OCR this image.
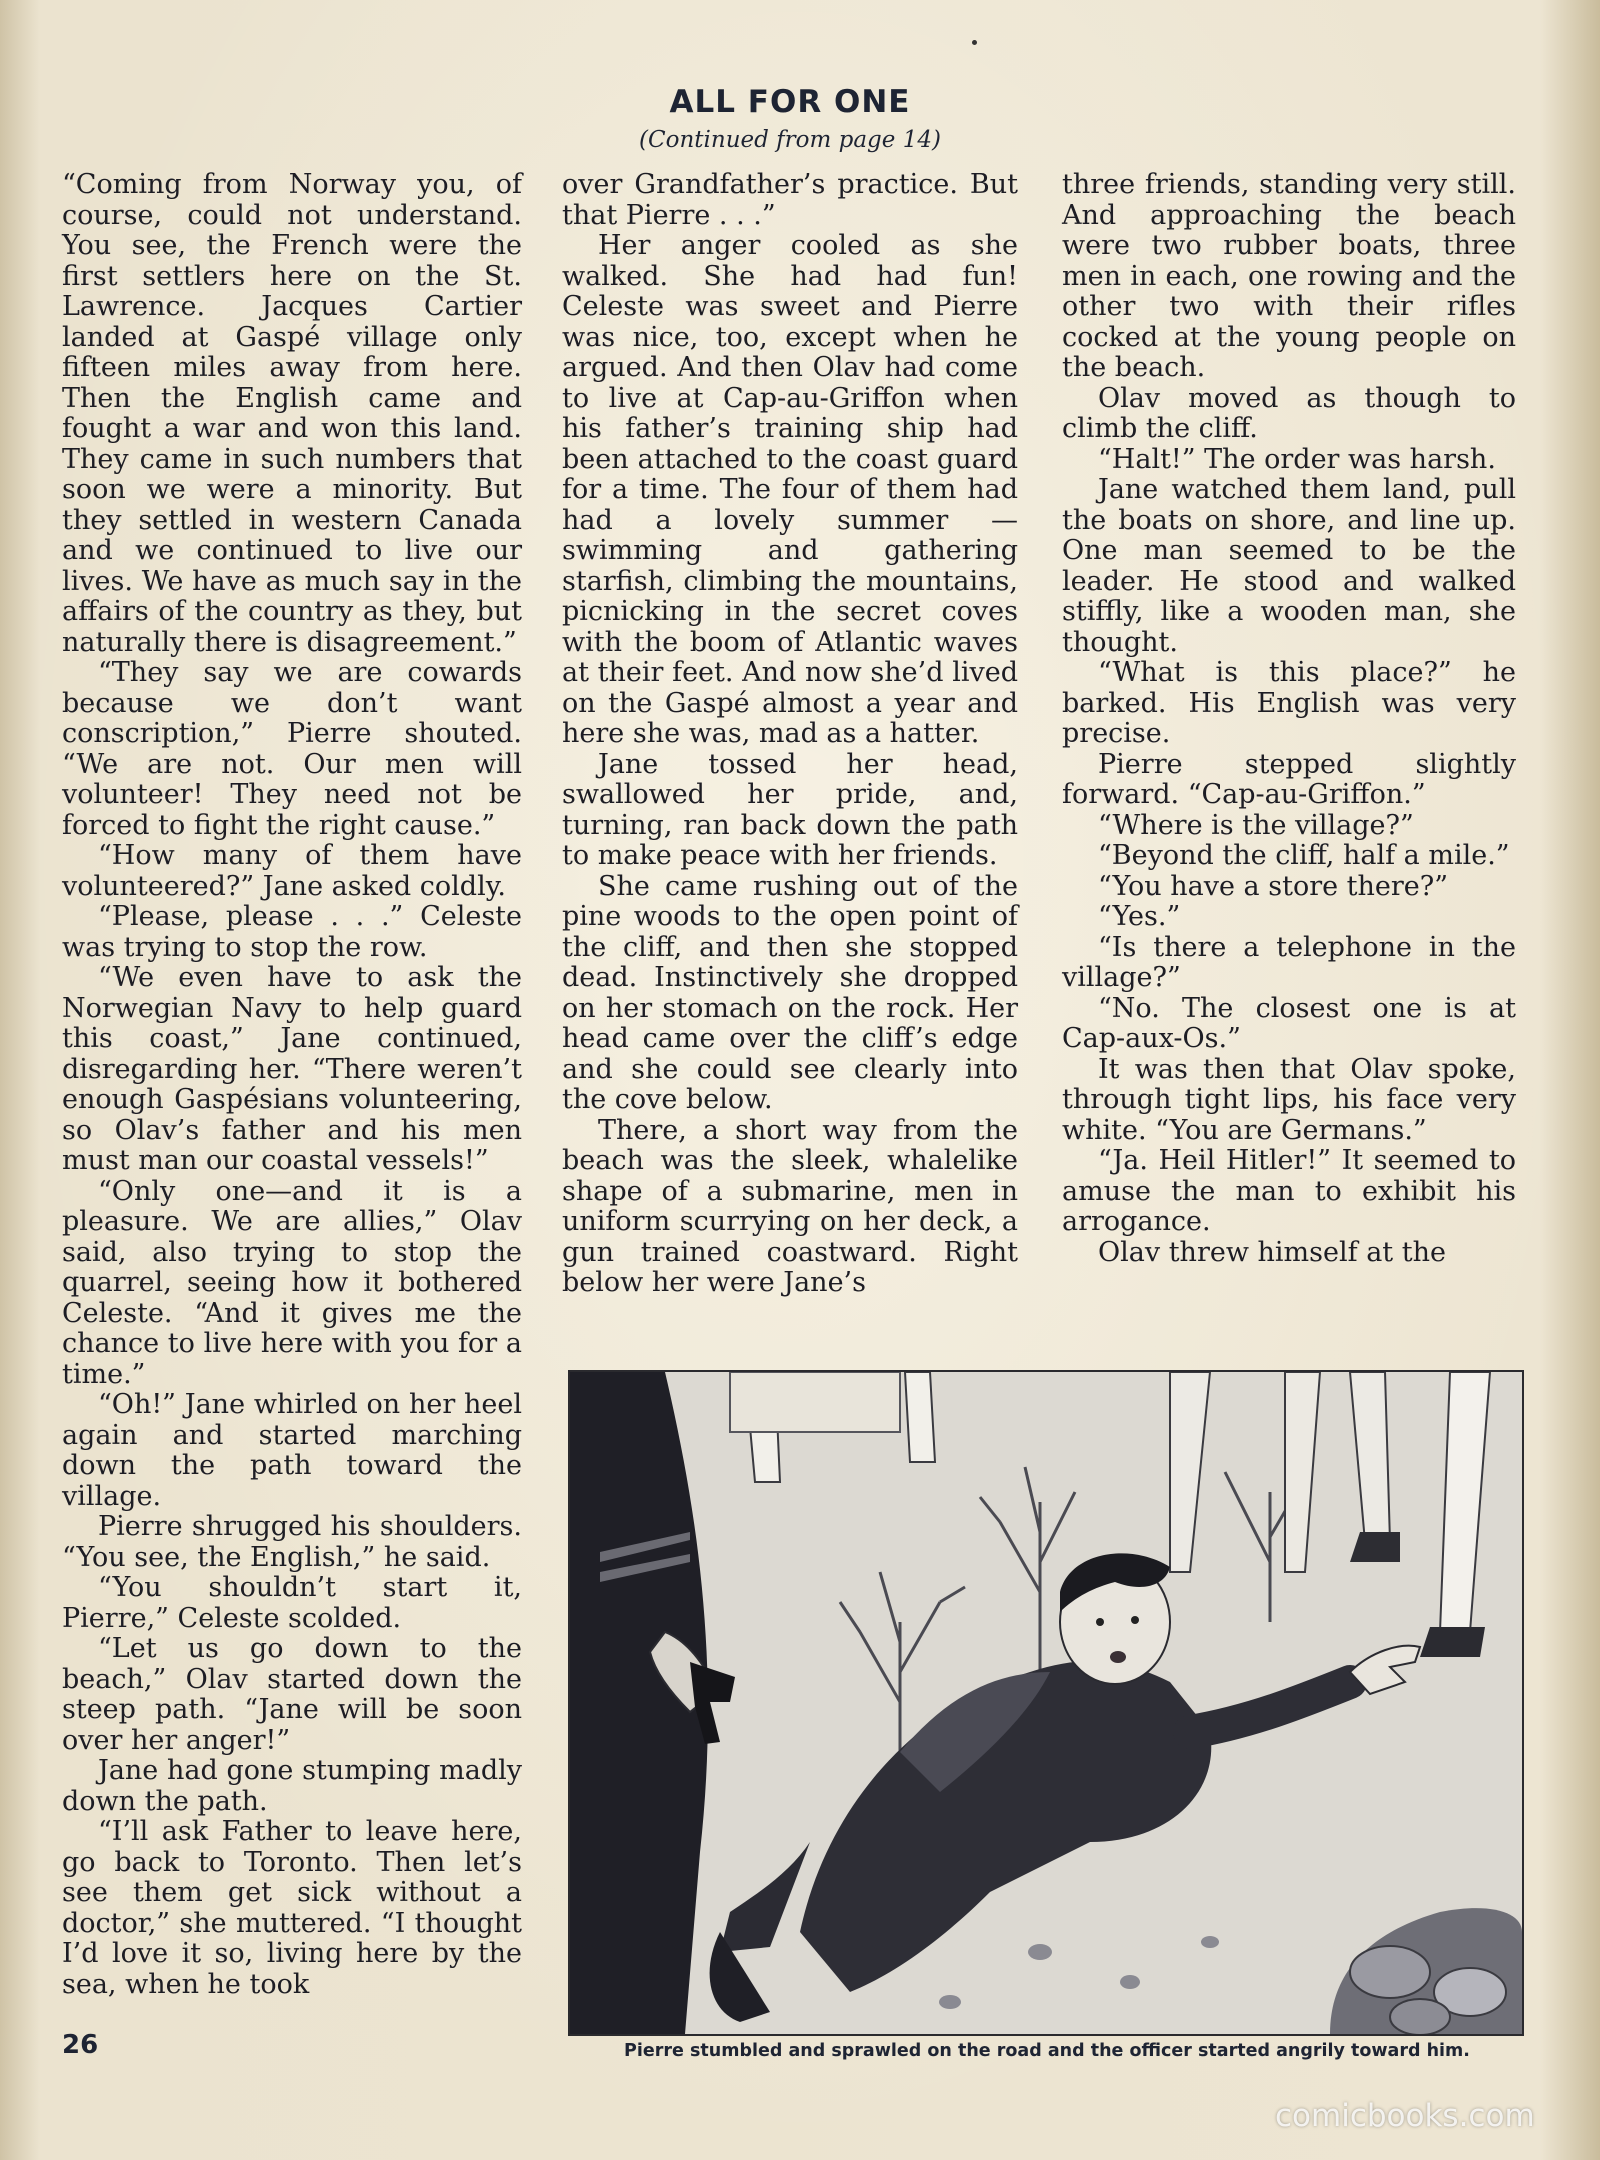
ALL FOR ONE
(Continued from page 14)

“Coming from Norway you, of course, could not understand. You see, the French were the first settlers here on the St. Lawrence. Jacques Cartier landed at Gaspé village only fifteen miles away from here. Then the English came and fought a war and won this land. They came in such numbers that soon we were a minority. But they settled in western Canada and we continued to live our lives. We have as much say in the affairs of the country as they, but naturally there is disagreement.”

“They say we are cowards because we don’t want conscription,” Pierre shouted. “We are not. Our men will volunteer! They need not be forced to fight the right cause.”

“How many of them have volunteered?” Jane asked coldly.

“Please, please . . .” Celeste was trying to stop the row.

“We even have to ask the Norwegian Navy to help guard this coast,” Jane continued, disregarding her. “There weren’t enough Gaspésians volunteering, so Olav’s father and his men must man our coastal vessels!”

“Only one—and it is a pleasure. We are allies,” Olav said, also trying to stop the quarrel, seeing how it bothered Celeste. “And it gives me the chance to live here with you for a time.”

“Oh!” Jane whirled on her heel again and started marching down the path toward the village.

Pierre shrugged his shoulders. “You see, the English,” he said.

“You shouldn’t start it, Pierre,” Celeste scolded.

“Let us go down to the beach,” Olav started down the steep path. “Jane will be soon over her anger!”

Jane had gone stumping madly down the path.

“I’ll ask Father to leave here, go back to Toronto. Then let’s see them get sick without a doctor,” she muttered. “I thought I’d love it so, living here by the sea, when he took

over Grandfather’s practice. But that Pierre . . .”

Her anger cooled as she walked. She had had fun! Celeste was sweet and Pierre was nice, too, except when he argued. And then Olav had come to live at Cap-au-Griffon when his father’s training ship had been attached to the coast guard for a time. The four of them had had a lovely summer —swimming and gathering starfish, climbing the mountains, picnicking in the secret coves with the boom of Atlantic waves at their feet. And now she’d lived on the Gaspé almost a year and here she was, mad as a hatter.

Jane tossed her head, swallowed her pride, and, turning, ran back down the path to make peace with her friends.

She came rushing out of the pine woods to the open point of the cliff, and then she stopped dead. Instinctively she dropped on her stomach on the rock. Her head came over the cliff’s edge and she could see clearly into the cove below.

There, a short way from the beach was the sleek, whalelike shape of a submarine, men in uniform scurrying on her deck, a gun trained coastward. Right below her were Jane’s

three friends, standing very still. And approaching the beach were two rubber boats, three men in each, one rowing and the other two with their rifles cocked at the young people on the beach.

Olav moved as though to climb the cliff.

“Halt!” The order was harsh.

Jane watched them land, pull the boats on shore, and line up. One man seemed to be the leader. He stood and walked stiffly, like a wooden man, she thought.

“What is this place?” he barked. His English was very precise.

Pierre stepped slightly forward. “Cap-au-Griffon.”

“Where is the village?”

“Beyond the cliff, half a mile.”

“You have a store there?”

“Yes.”

“Is there a telephone in the village?”

“No. The closest one is at Cap-aux-Os.”

It was then that Olav spoke, through tight lips, his face very white. “You are Germans.”

“Ja. Heil Hitler!” It seemed to amuse the man to exhibit his arrogance.

Olav threw himself at the

Pierre stumbled and sprawled on the road and the officer started angrily toward him.
26
comicbooks.com
